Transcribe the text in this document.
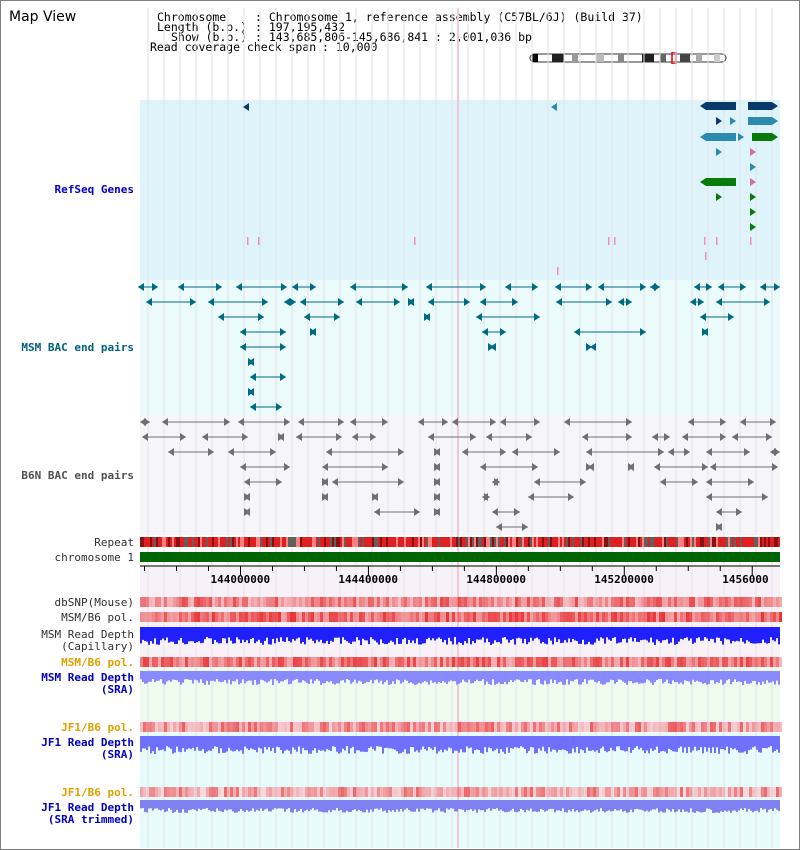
Map View	Chromosome	: Chromosome 1, reference assembly (C57BL/6J) (Build 37)
Length (b.p.) : 197,195,432
Show (b.p.) : 143,685,806-145,686,841 : 2,001,036 bp
Read coverage check span : 10,000
RefSeq Genes
MSM BAC end pairs
B6N BAC end pairs
Repeat
chromosome 1
dbSNP(Mouse)
MSM/B6 pol.
MSM Read Depth
(Capillary)
MSM/B6 pol.
MSM Read Depth
(SRA)
JF1/B6 pol.
JF1 Read Depth
(SRA)
JF1/B6 pol.
JF1 Read Depth
(SRA trimmed)
144000000	144400000	144800000	145200000	1456000
